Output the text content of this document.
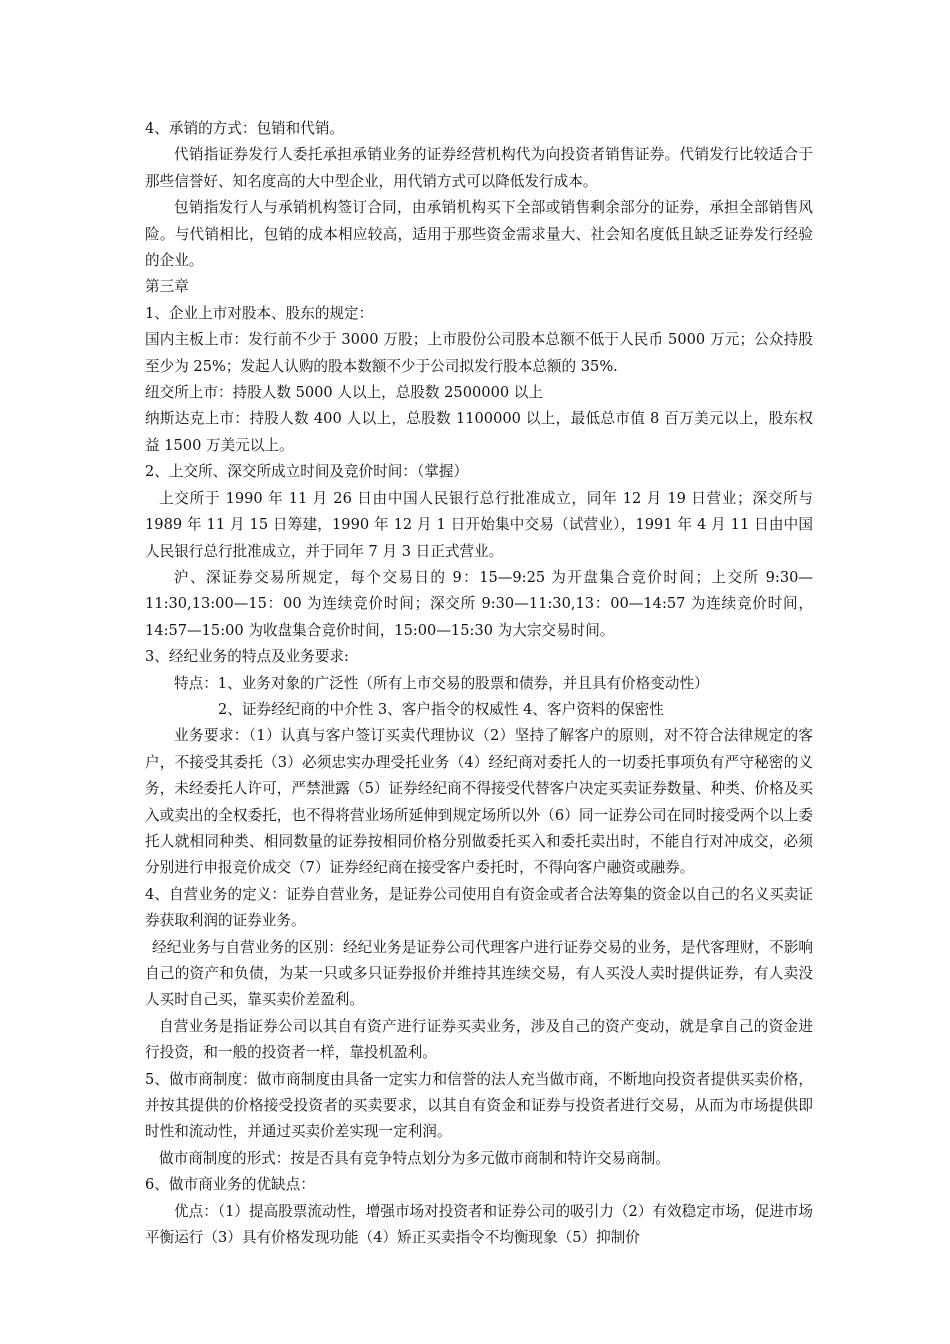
4、承销的方式：包销和代销。

代销指证券发行人委托承担承销业务的证券经营机构代为向投资者销售证券。代销发行比较适合于那些信誉好、知名度高的大中型企业，用代销方式可以降低发行成本。

包销指发行人与承销机构签订合同，由承销机构买下全部或销售剩余部分的证券，承担全部销售风险。与代销相比，包销的成本相应较高，适用于那些资金需求量大、社会知名度低且缺乏证券发行经验的企业。

第三章

1、企业上市对股本、股东的规定：

国内主板上市：发行前不少于 3000 万股；上市股份公司股本总额不低于人民币 5000 万元；公众持股至少为 25%；发起人认购的股本数额不少于公司拟发行股本总额的 35%.

纽交所上市：持股人数 5000 人以上，总股数 2500000 以上

纳斯达克上市：持股人数 400 人以上，总股数 1100000 以上，最低总市值 8 百万美元以上，股东权益 1500 万美元以上。

2、上交所、深交所成立时间及竞价时间：（掌握）

上交所于 1990 年 11 月 26 日由中国人民银行总行批准成立，同年 12 月 19 日营业；深交所与 1989 年 11 月 15 日筹建，1990 年 12 月 1 日开始集中交易（试营业），1991 年 4 月 11 日由中国人民银行总行批准成立，并于同年 7 月 3 日正式营业。

沪、深证券交易所规定，每个交易日的 9：15—9:25 为开盘集合竞价时间；上交所 9:30—11:30,13:00—15：00 为连续竞价时间；深交所 9:30—11:30,13：00—14:57 为连续竞价时间，14:57—15:00 为收盘集合竞价时间，15:00—15:30 为大宗交易时间。

3、经纪业务的特点及业务要求:

特点：1、业务对象的广泛性（所有上市交易的股票和债券，并且具有价格变动性）

2、证券经纪商的中介性 3、客户指令的权威性 4、客户资料的保密性

业务要求：（1）认真与客户签订买卖代理协议（2）坚持了解客户的原则，对不符合法律规定的客户，不接受其委托（3）必须忠实办理受托业务（4）经纪商对委托人的一切委托事项负有严守秘密的义务，未经委托人许可，严禁泄露（5）证券经纪商不得接受代替客户决定买卖证券数量、种类、价格及买入或卖出的全权委托，也不得将营业场所延伸到规定场所以外（6）同一证券公司在同时接受两个以上委托人就相同种类、相同数量的证券按相同价格分别做委托买入和委托卖出时，不能自行对冲成交，必须分别进行申报竞价成交（7）证券经纪商在接受客户委托时，不得向客户融资或融券。

4、自营业务的定义：证券自营业务，是证券公司使用自有资金或者合法筹集的资金以自己的名义买卖证券获取利润的证券业务。

经纪业务与自营业务的区别：经纪业务是证券公司代理客户进行证券交易的业务，是代客理财，不影响自己的资产和负债，为某一只或多只证券报价并维持其连续交易，有人买没人卖时提供证券，有人卖没人买时自己买，靠买卖价差盈利。

自营业务是指证券公司以其自有资产进行证券买卖业务，涉及自己的资产变动，就是拿自己的资金进行投资，和一般的投资者一样，靠投机盈利。

5、做市商制度：做市商制度由具备一定实力和信誉的法人充当做市商，不断地向投资者提供买卖价格，并按其提供的价格接受投资者的买卖要求，以其自有资金和证券与投资者进行交易，从而为市场提供即时性和流动性，并通过买卖价差实现一定利润。

做市商制度的形式：按是否具有竞争特点划分为多元做市商制和特许交易商制。

6、做市商业务的优缺点：

优点：（1）提高股票流动性，增强市场对投资者和证券公司的吸引力（2）有效稳定市场，促进市场平衡运行（3）具有价格发现功能（4）矫正买卖指令不均衡现象（5）抑制价
